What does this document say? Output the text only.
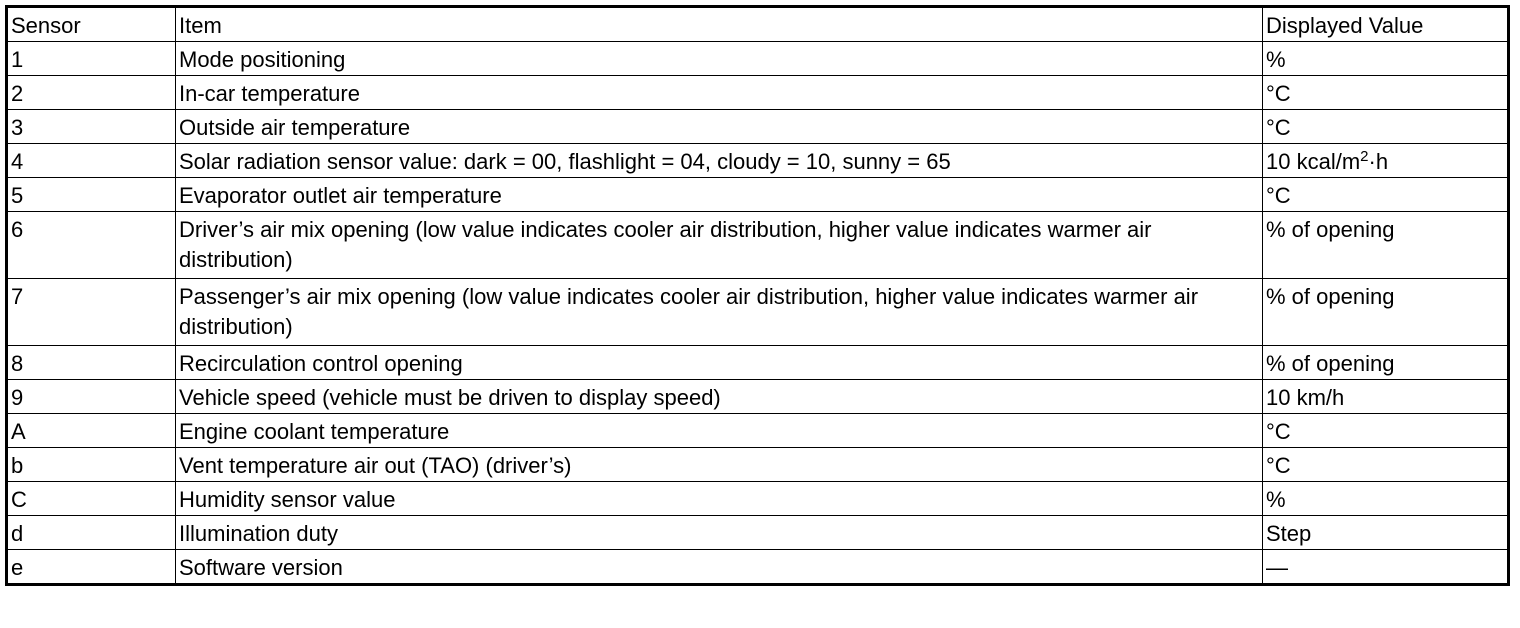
Sensor	Item	Displayed Value
1	Mode positioning	%
2	In-car temperature	°C
3	Outside air temperature	°C
4	Solar radiation sensor value: dark = 00, flashlight = 04, cloudy = 10, sunny = 65	10 kcal/$m^2\cdot h$
5	Evaporator outlet air temperature	°C
6	Driver’s air mix opening (low value indicates cooler air distribution, higher value indicates warmer air distribution)	% of opening
7	Passenger’s air mix opening (low value indicates cooler air distribution, higher value indicates warmer air distribution)	% of opening
8	Recirculation control opening	% of opening
9	Vehicle speed (vehicle must be driven to display speed)	10 km/h
A	Engine coolant temperature	°C
b	Vent temperature air out (TAO) (driver’s)	°C
C	Humidity sensor value	%
d	Illumination duty	Step
e	Software version	—
